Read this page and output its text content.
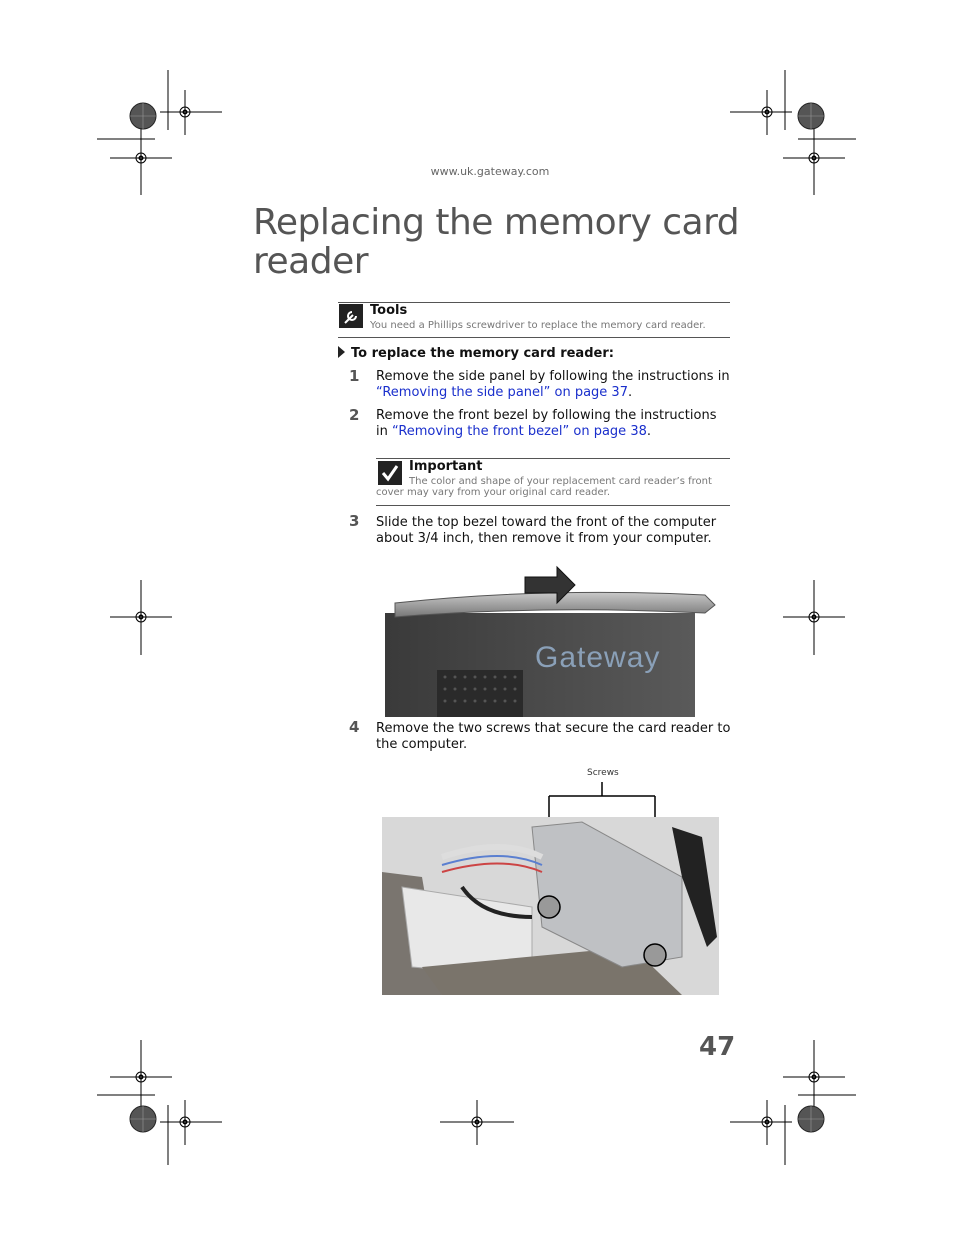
www.uk.gateway.com
Replacing the memory card reader
Tools
You need a Phillips screwdriver to replace the memory card reader.
To replace the memory card reader:
1 Remove the side panel by following the instructions in “Removing the side panel” on page 37.
2 Remove the front bezel by following the instructions in “Removing the front bezel” on page 38.
Important
The color and shape of your replacement card reader’s front cover may vary from your original card reader.
3 Slide the top bezel toward the front of the computer about 3/4 inch, then remove it from your computer.
Gateway
4 Remove the two screws that secure the card reader to the computer.
Screws
47
